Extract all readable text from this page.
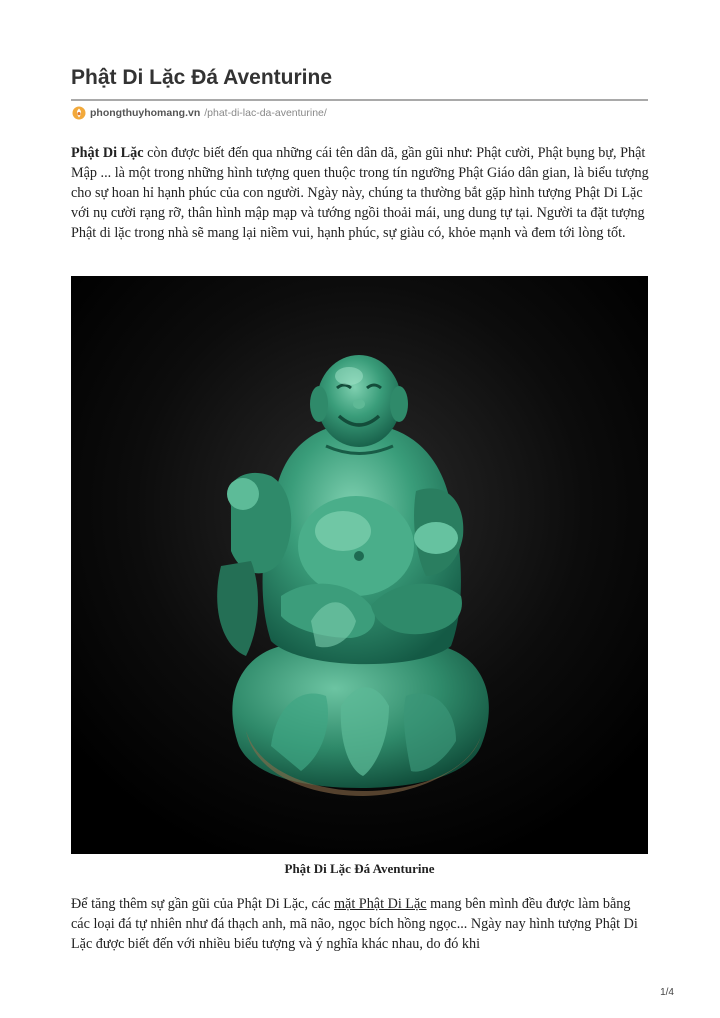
Phật Di Lặc Đá Aventurine
phongthuyhomang.vn /phat-di-lac-da-aventurine/

Phật Di Lặc còn được biết đến qua những cái tên dân dã, gần gũi như: Phật cười, Phật bụng bự, Phật Mập ... là một trong những hình tượng quen thuộc trong tín ngưỡng Phật Giáo dân gian, là biểu tượng cho sự hoan hỉ hạnh phúc của con người. Ngày này, chúng ta thường bắt gặp hình tượng Phật Di Lặc với nụ cười rạng rỡ, thân hình mập mạp và tướng ngồi thoải mái, ung dung tự tại. Người ta đặt tượng Phật di lặc trong nhà sẽ mang lại niềm vui, hạnh phúc, sự giàu có, khỏe mạnh và đem tới lòng tốt.

Phật Di Lặc Đá Aventurine

Để tăng thêm sự gần gũi của Phật Di Lặc, các mặt Phật Di Lặc mang bên mình đều được làm bằng các loại đá tự nhiên như đá thạch anh, mã não, ngọc bích hồng ngọc... Ngày nay hình tượng Phật Di Lặc được biết đến với nhiều biểu tượng và ý nghĩa khác nhau, do đó khi

1/4
